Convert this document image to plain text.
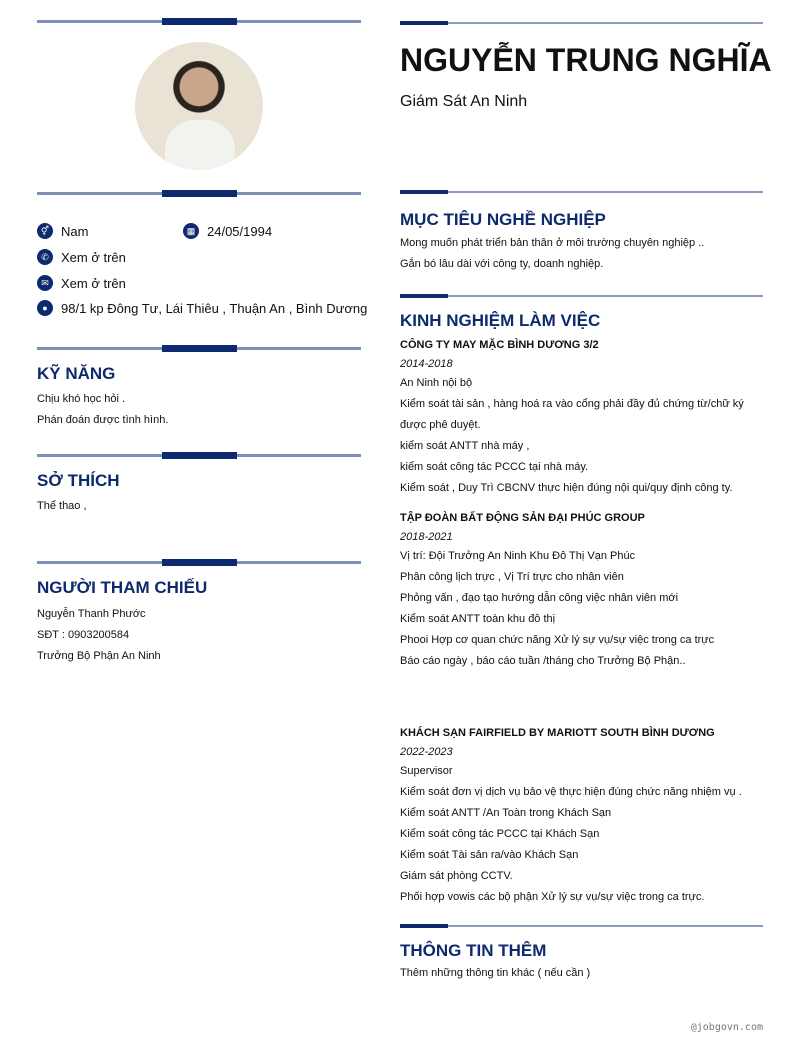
⚥ Nam	▦ 24/05/1994
✆ Xem ở trên
✉ Xem ở trên
●	98/1 kp Đông Tư, Lái Thiêu , Thuận An , Bình Dương
KỸ NĂNG
Chịu khó học hỏi .
Phán đoán được tình hình.
SỞ THÍCH
Thể thao ,
NGƯỜI THAM CHIẾU
Nguyễn Thanh Phước
SĐT : 0903200584
Trưởng Bộ Phận An Ninh
NGUYỄN TRUNG NGHĨA
Giám Sát An Ninh
MỤC TIÊU NGHỀ NGHIỆP
Mong muốn phát triển bản thân ở môi trường chuyên nghiệp ..
Gắn bó lâu dài với công ty, doanh nghiệp.
KINH NGHIỆM LÀM VIỆC
CÔNG TY MAY MẶC BÌNH DƯƠNG 3/2
2014-2018
An Ninh nội bộ
Kiểm soát tài sản , hàng hoá ra vào cổng phải đầy đủ chứng từ/chữ ký
được phê duyệt.
kiểm soát ANTT nhà máy ,
kiểm soát công tác PCCC tại nhà máy.
Kiểm soát , Duy Trì CBCNV thực hiện đúng nội qui/quy định công ty.
TẬP ĐOÀN BẤT ĐỘNG SẢN ĐẠI PHÚC GROUP
2018-2021
Vị trí: Đội Trưởng An Ninh Khu Đô Thị Vạn Phúc
Phân công lịch trực , Vị Trí trực cho nhân viên
Phỏng vấn , đạo tạo hướng dẫn công việc nhân viên mới
Kiểm soát ANTT toàn khu đô thị
Phooi Hợp cơ quan chức năng Xử lý sự vụ/sự việc trong ca trực
Báo cáo ngày , báo cáo tuần /tháng cho Trưởng Bộ Phận..
KHÁCH SẠN FAIRFIELD BY MARIOTT SOUTH BÌNH DƯƠNG
2022-2023
Supervisor
Kiểm soát đơn vị dịch vụ bảo vệ thực hiện đúng chức năng nhiệm vụ .
Kiểm soát ANTT /An Toàn trong Khách Sạn
Kiểm soát công tác PCCC tại Khách Sạn
Kiểm soát Tài sản ra/vào Khách Sạn
Giám sát phòng CCTV.
Phối hợp vowis các bộ phận Xử lý sự vụ/sự việc trong ca trực.
THÔNG TIN THÊM
Thêm những thông tin khác ( nếu cần )
@jobgovn.com
